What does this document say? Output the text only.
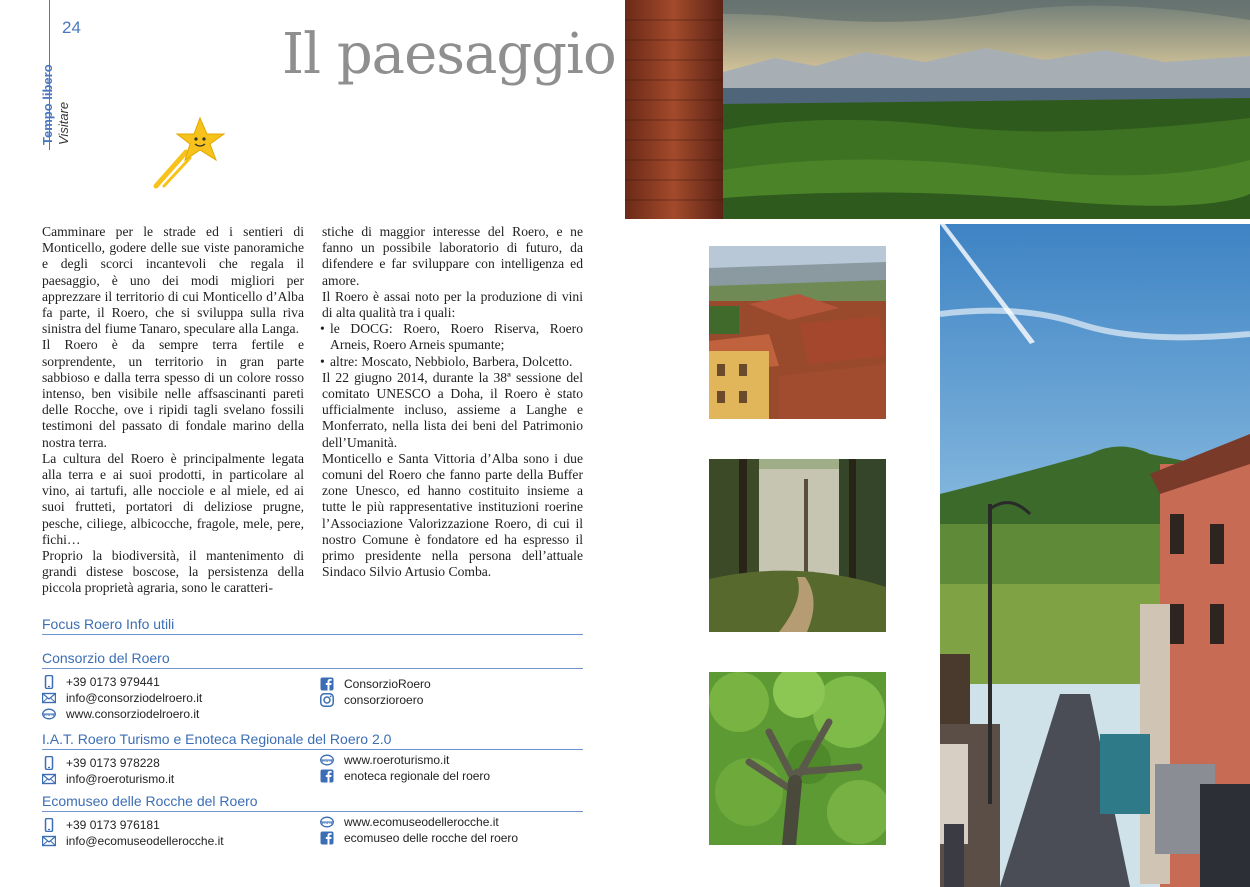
24
Tempo libero Visitare
Il paesaggio

Camminare per le strade ed i sentieri di Monticello, godere delle sue viste panoramiche e degli scorci incantevoli che regala il paesaggio, è uno dei modi migliori per apprezzare il territorio di cui Monticello d’Alba fa parte, il Roero, che si sviluppa sulla riva sinistra del fiume Tanaro, speculare alla Langa.

Il Roero è da sempre terra fertile e sorprendente, un territorio in gran parte sabbioso e dalla terra spesso di un colore rosso intenso, ben visibile nelle affsascinanti pareti delle Rocche, ove i ripidi tagli svelano fossili testimoni del passato di fondale marino della nostra terra.

La cultura del Roero è principalmente legata alla terra e ai suoi prodotti, in particolare al vino, ai tartufi, alle nocciole e al miele, ed ai suoi frutteti, portatori di deliziose prugne, pesche, ciliege, albicocche, fragole, mele, pere, fichi…

Proprio la biodiversità, il mantenimento di grandi distese boscose, la persistenza della piccola proprietà agraria, sono le caratteri-

stiche di maggior interesse del Roero, e ne fanno un possibile laboratorio di futuro, da difendere e far sviluppare con intelligenza ed amore.

Il Roero è assai noto per la produzione di vini di alta qualità tra i quali:

• le DOCG: Roero, Roero Riserva, Roero Arneis, Roero Arneis spumante;

• altre: Moscato, Nebbiolo, Barbera, Dolcetto.

Il 22 giugno 2014, durante la 38ª sessione del comitato UNESCO a Doha, il Roero è stato ufficialmente incluso, assieme a Langhe e Monferrato, nella lista dei beni del Patrimonio dell’Umanità.

Monticello e Santa Vittoria d’Alba sono i due comuni del Roero che fanno parte della Buffer zone Unesco, ed hanno costituito insieme a tutte le più rappresentative instituzioni roerine l’Associazione Valorizzazione Roero, di cui il nostro Comune è fondatore ed ha espresso il primo presidente nella persona dell’attuale Sindaco Silvio Artusio Comba.

Focus Roero Info utili
Consorzio del Roero
+39 0173 979441
info@consorziodelroero.it
www www.consorziodelroero.it
ConsorzioRoero
consorzioroero
I.A.T. Roero Turismo e Enoteca Regionale del Roero 2.0
+39 0173 978228
info@roeroturismo.it
www www.roeroturismo.it
enoteca regionale del roero
Ecomuseo delle Rocche del Roero
+39 0173 976181
info@ecomuseodellerocche.it
www www.ecomuseodellerocche.it
ecomuseo delle rocche del roero
